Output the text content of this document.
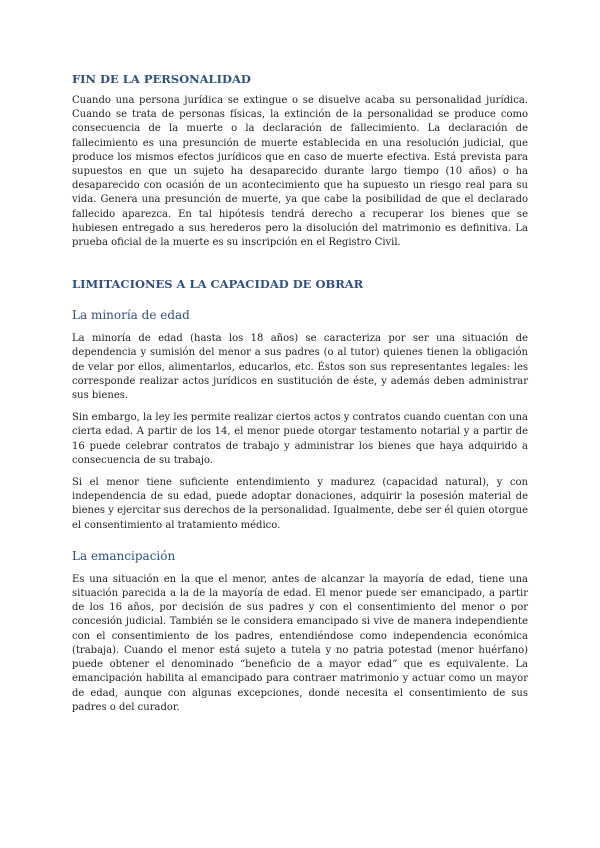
FIN DE LA PERSONALIDAD

Cuando una persona jurídica se extingue o se disuelve acaba su personalidad jurídica. Cuando se trata de personas físicas, la extinción de la personalidad se produce como consecuencia de la muerte o la declaración de fallecimiento. La declaración de fallecimiento es una presunción de muerte establecida en una resolución judicial, que produce los mismos efectos jurídicos que en caso de muerte efectiva. Está prevista para supuestos en que un sujeto ha desaparecido durante largo tiempo (10 años) o ha desaparecido con ocasión de un acontecimiento que ha supuesto un riesgo real para su vida. Genera una presunción de muerte, ya que cabe la posibilidad de que el declarado fallecido aparezca. En tal hipótesis tendrá derecho a recuperar los bienes que se hubiesen entregado a sus herederos pero la disolución del matrimonio es definitiva. La prueba oficial de la muerte es su inscripción en el Registro Civil.

LIMITACIONES A LA CAPACIDAD DE OBRAR
La minoría de edad

La minoría de edad (hasta los 18 años) se caracteriza por ser una situación de dependencia y sumisión del menor a sus padres (o al tutor) quienes tienen la obligación de velar por ellos, alimentarlos, educarlos, etc. Éstos son sus representantes legales: les corresponde realizar actos jurídicos en sustitución de éste, y además deben administrar sus bienes.

Sin embargo, la ley les permite realizar ciertos actos y contratos cuando cuentan con una cierta edad. A partir de los 14, el menor puede otorgar testamento notarial y a partir de 16 puede celebrar contratos de trabajo y administrar los bienes que haya adquirido a consecuencia de su trabajo.

Si el menor tiene suficiente entendimiento y madurez (capacidad natural), y con independencia de su edad, puede adoptar donaciones, adquirir la posesión material de bienes y ejercitar sus derechos de la personalidad. Igualmente, debe ser él quien otorgue el consentimiento al tratamiento médico.

La emancipación

Es una situación en la que el menor, antes de alcanzar la mayoría de edad, tiene una situación parecida a la de la mayoría de edad. El menor puede ser emancipado, a partir de los 16 años, por decisión de sus padres y con el consentimiento del menor o por concesión judicial. También se le considera emancipado si vive de manera independiente con el consentimiento de los padres, entendiéndose como independencia económica (trabaja). Cuando el menor está sujeto a tutela y no patria potestad (menor huérfano) puede obtener el denominado “beneficio de a mayor edad” que es equivalente. La emancipación habilita al emancipado para contraer matrimonio y actuar como un mayor de edad, aunque con algunas excepciones, donde necesita el consentimiento de sus padres o del curador.
